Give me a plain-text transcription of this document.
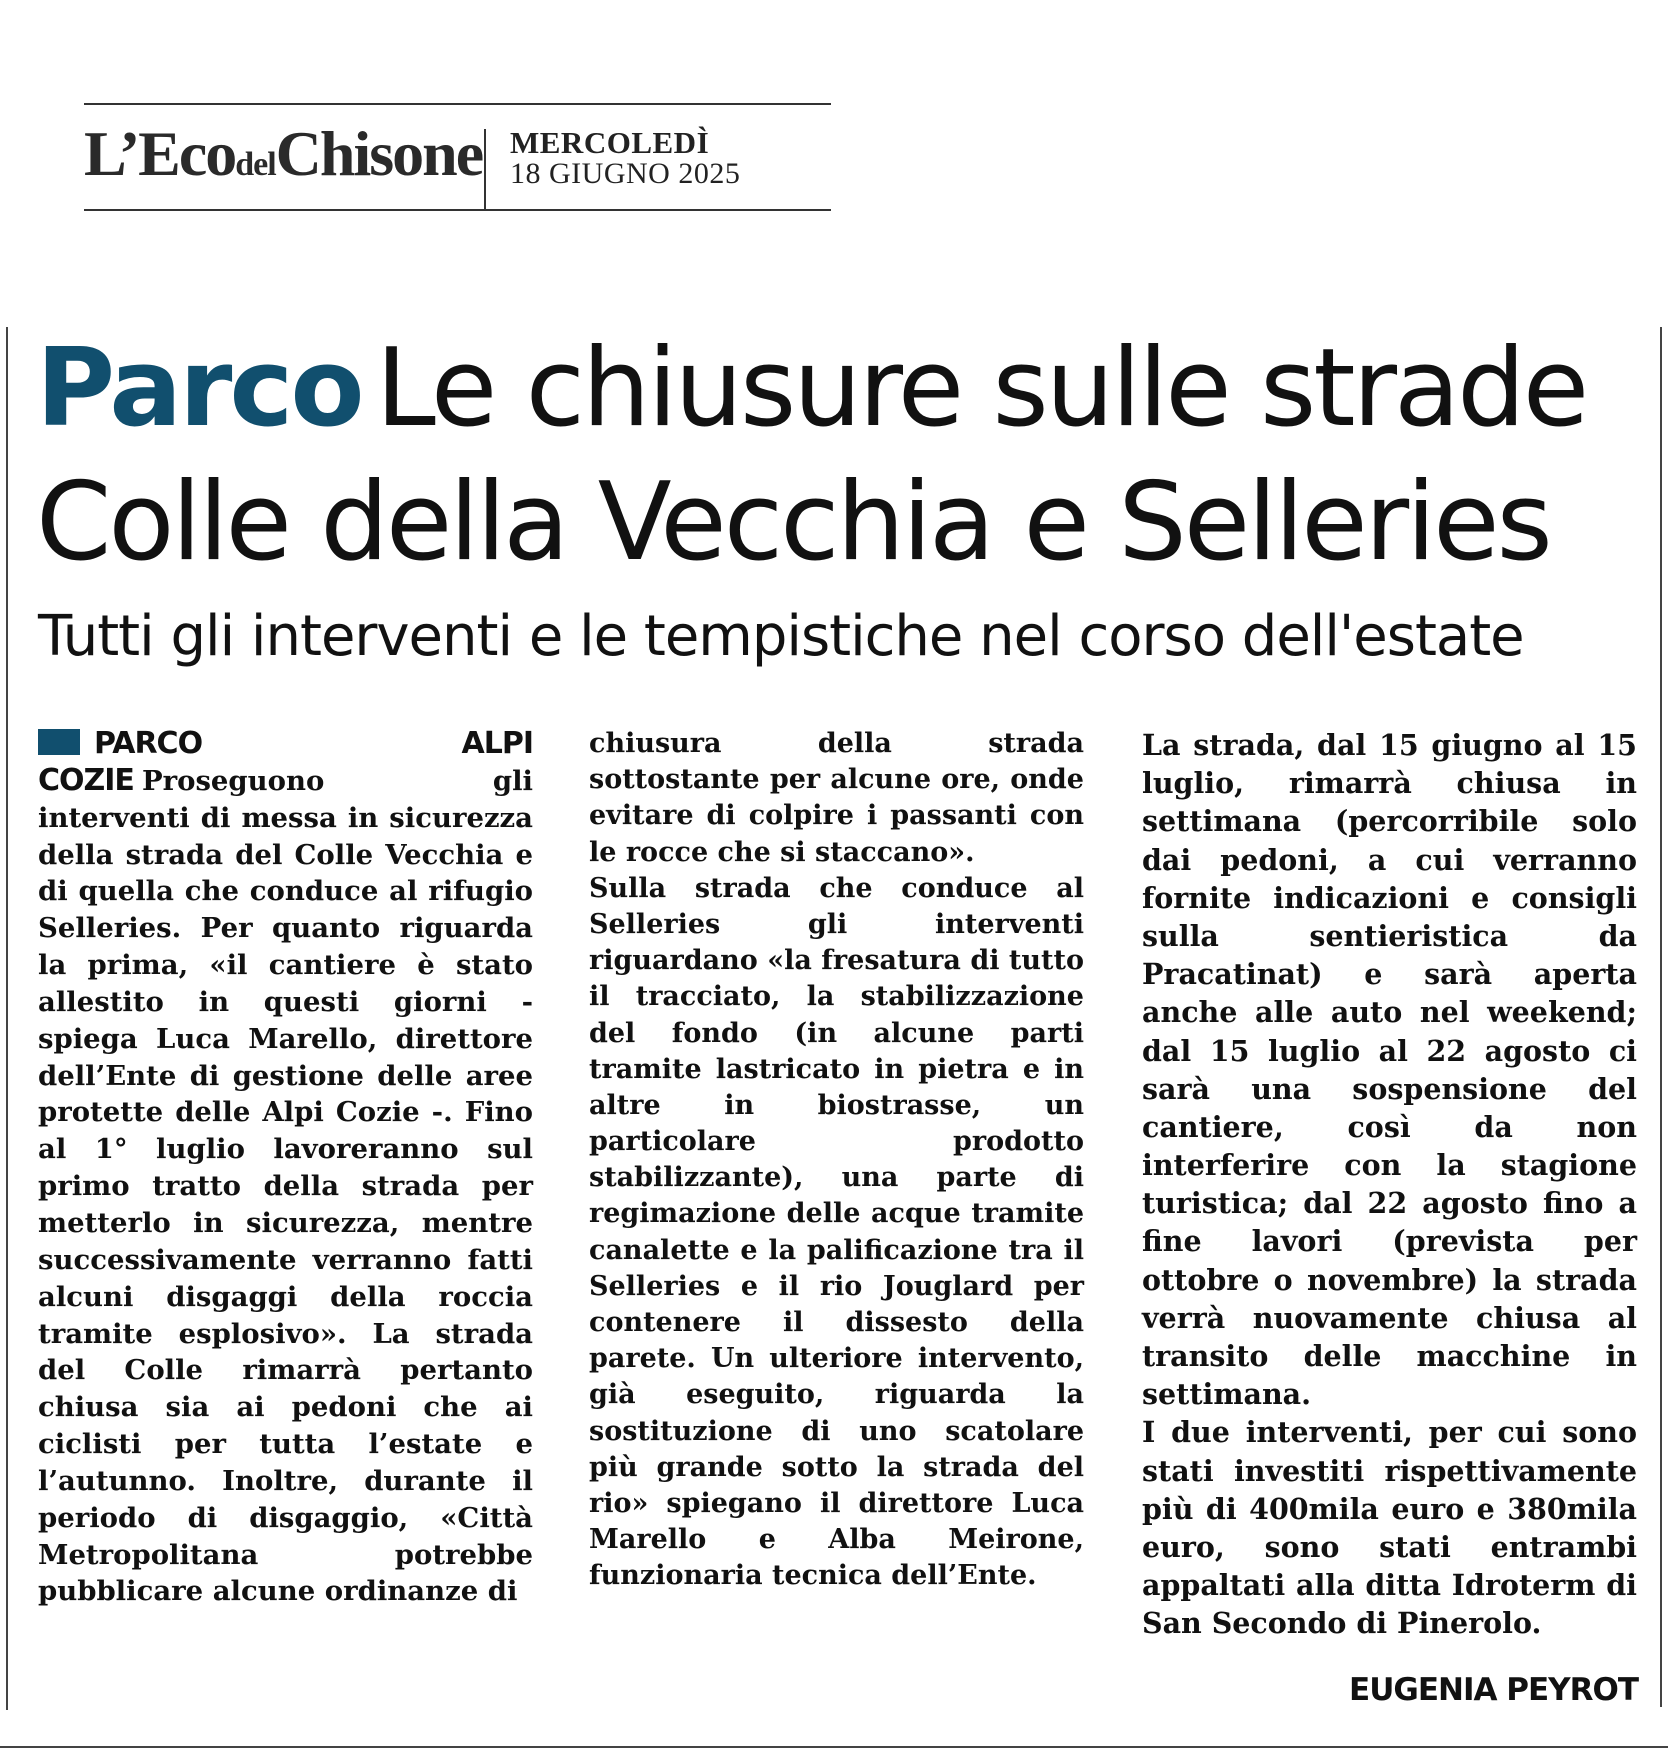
L’EcodelChisone MERCOLEDÌ
18 GIUGNO 2025
Parco Le chiusure sulle strade
Colle della Vecchia e Selleries
Tutti gli interventi e le tempistiche nel corso dell'estate

PARCO ALPI COZIE Proseguono gli interventi di messa in sicurezza della strada del Colle Vecchia e di quella che conduce al rifugio Selleries. Per quanto riguarda la prima, «il cantiere è stato allestito in questi giorni - spiega Luca Marello, direttore dell’Ente di gestione delle aree protette delle Alpi Cozie -. Fino al 1° luglio lavoreranno sul primo tratto della strada per metterlo in sicurezza, mentre successivamente verranno fatti alcuni disgaggi della roccia tramite esplosivo». La strada del Colle rimarrà pertanto chiusa sia ai pedoni che ai ciclisti per tutta l’estate e l’autunno. Inoltre, durante il periodo di disgaggio, «Città Metropolitana potrebbe pubblicare alcune ordinanze di

chiusura della strada sottostante per alcune ore, onde evitare di colpire i passanti con le rocce che si staccano».

Sulla strada che conduce al Selleries gli interventi riguardano «la fresatura di tutto il tracciato, la stabilizzazione del fondo (in alcune parti tramite lastricato in pietra e in altre in biostrasse, un particolare prodotto stabilizzante), una parte di regimazione delle acque tramite canalette e la palificazione tra il Selleries e il rio Jouglard per contenere il dissesto della parete. Un ulteriore intervento, già eseguito, riguarda la sostituzione di uno scatolare più grande sotto la strada del rio» spiegano il direttore Luca Marello e Alba Meirone, funzionaria tecnica dell’Ente.

La strada, dal 15 giugno al 15 luglio, rimarrà chiusa in settimana (percorribile solo dai pedoni, a cui verranno fornite indicazioni e consigli sulla sentieristica da Pracatinat) e sarà aperta anche alle auto nel weekend; dal 15 luglio al 22 agosto ci sarà una sospensione del cantiere, così da non interferire con la stagione turistica; dal 22 agosto fino a fine lavori (prevista per ottobre o novembre) la strada verrà nuovamente chiusa al transito delle macchine in settimana.

I due interventi, per cui sono stati investiti rispettivamente più di 400mila euro e 380mila euro, sono stati entrambi appaltati alla ditta Idroterm di San Secondo di Pinerolo.

EUGENIA PEYROT
